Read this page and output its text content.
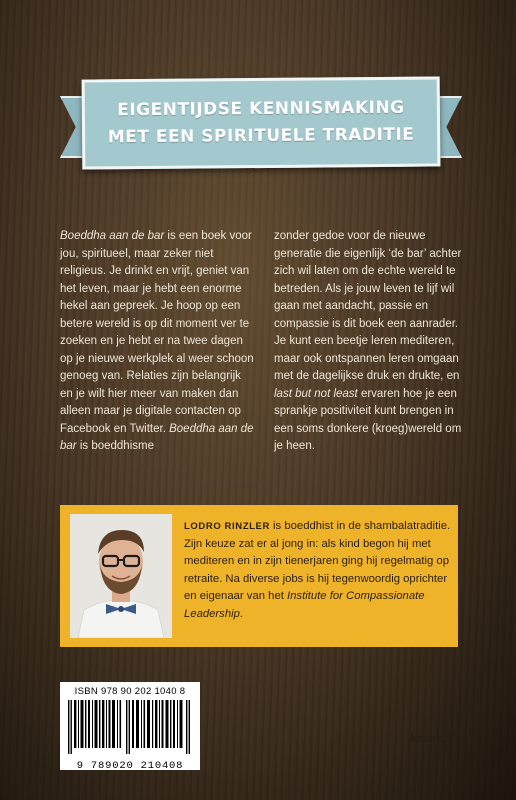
EIGENTIJDSE KENNISMAKING
MET EEN SPIRITUELE TRADITIE

Boeddha aan de bar is een boek voor jou, spiritueel, maar zeker niet religieus. Je drinkt en vrijt, geniet van het leven, maar je hebt een enorme hekel aan gepreek. Je hoop op een betere wereld is op dit moment ver te zoeken en je hebt er na twee dagen op je nieuwe werkplek al weer schoon genoeg van. Relaties zijn belangrijk en je wilt hier meer van maken dan alleen maar je digitale contacten op Facebook en Twitter. Boeddha aan de bar is boeddhisme

zonder gedoe voor de nieuwe generatie die eigenlijk ‘de bar’ achter zich wil laten om de echte wereld te betreden. Als je jouw leven te lijf wil gaan met aandacht, passie en compassie is dit boek een aanrader. Je kunt een beetje leren mediteren, maar ook ontspannen leren omgaan met de dagelijkse druk en drukte, en last but not least ervaren hoe je een sprankje positiviteit kunt brengen in een soms donkere (kroeg)wereld om je heen.

LODRO RINZLER is boeddhist in de shambalatraditie. Zijn keuze zat er al jong in: als kind begon hij met mediteren en in zijn tienerjaren ging hij regelmatig op retraite. Na diverse jobs is hij tegenwoordig oprichter en eigenaar van het Institute for Compassionate Leadership.
ISBN 978 90 202 1040 8
9 789020 210408
kosmos
